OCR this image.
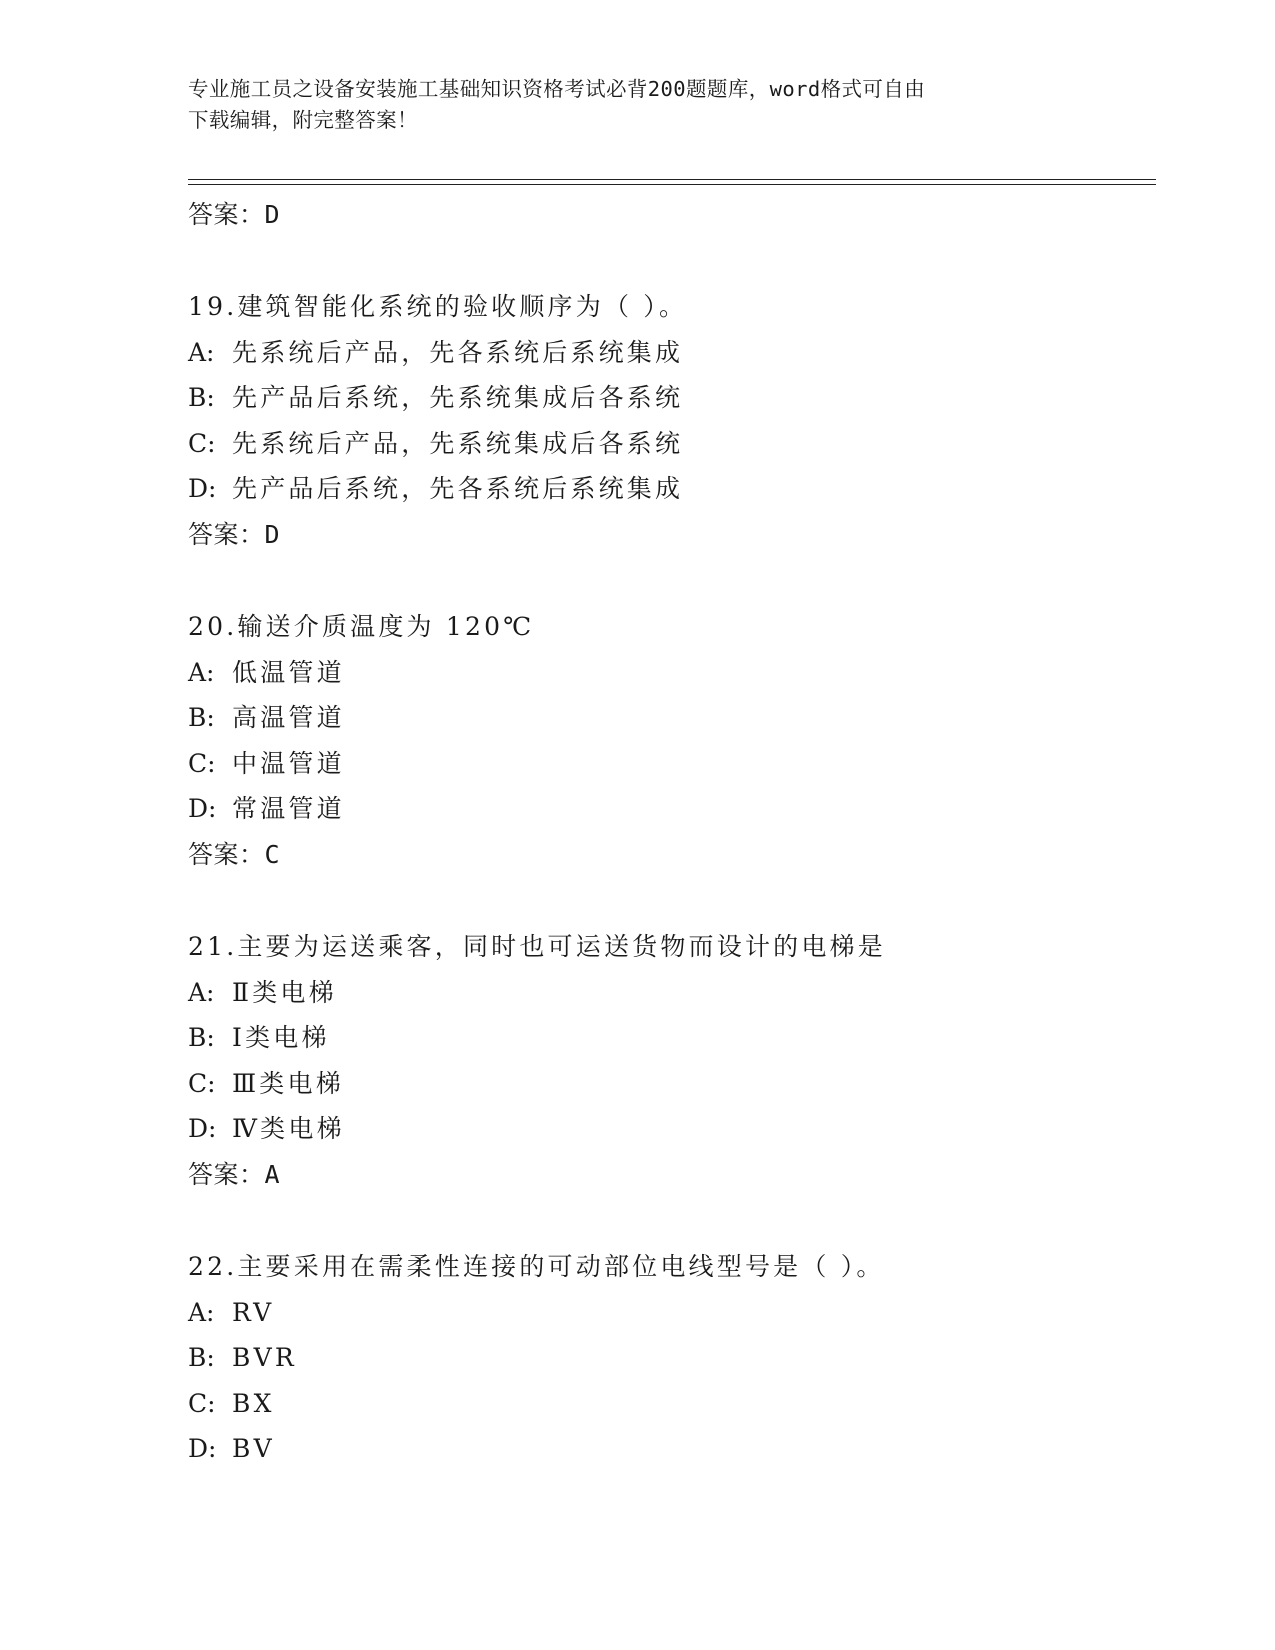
专业施工员之设备安装施工基础知识资格考试必背200题题库，word格式可自由
下载编辑，附完整答案！
答案：D
19.建筑智能化系统的验收顺序为（ ）。
A: 先系统后产品，先各系统后系统集成
B: 先产品后系统，先系统集成后各系统
C: 先系统后产品，先系统集成后各系统
D: 先产品后系统，先各系统后系统集成
答案：D
20.输送介质温度为 120℃
A: 低温管道
B: 高温管道
C: 中温管道
D: 常温管道
答案：C
21.主要为运送乘客，同时也可运送货物而设计的电梯是
A: Ⅱ类电梯
B: Ⅰ类电梯
C: Ⅲ类电梯
D: Ⅳ类电梯
答案：A
22.主要采用在需柔性连接的可动部位电线型号是（ ）。
A: RV
B: BVR
C: BX
D: BV
